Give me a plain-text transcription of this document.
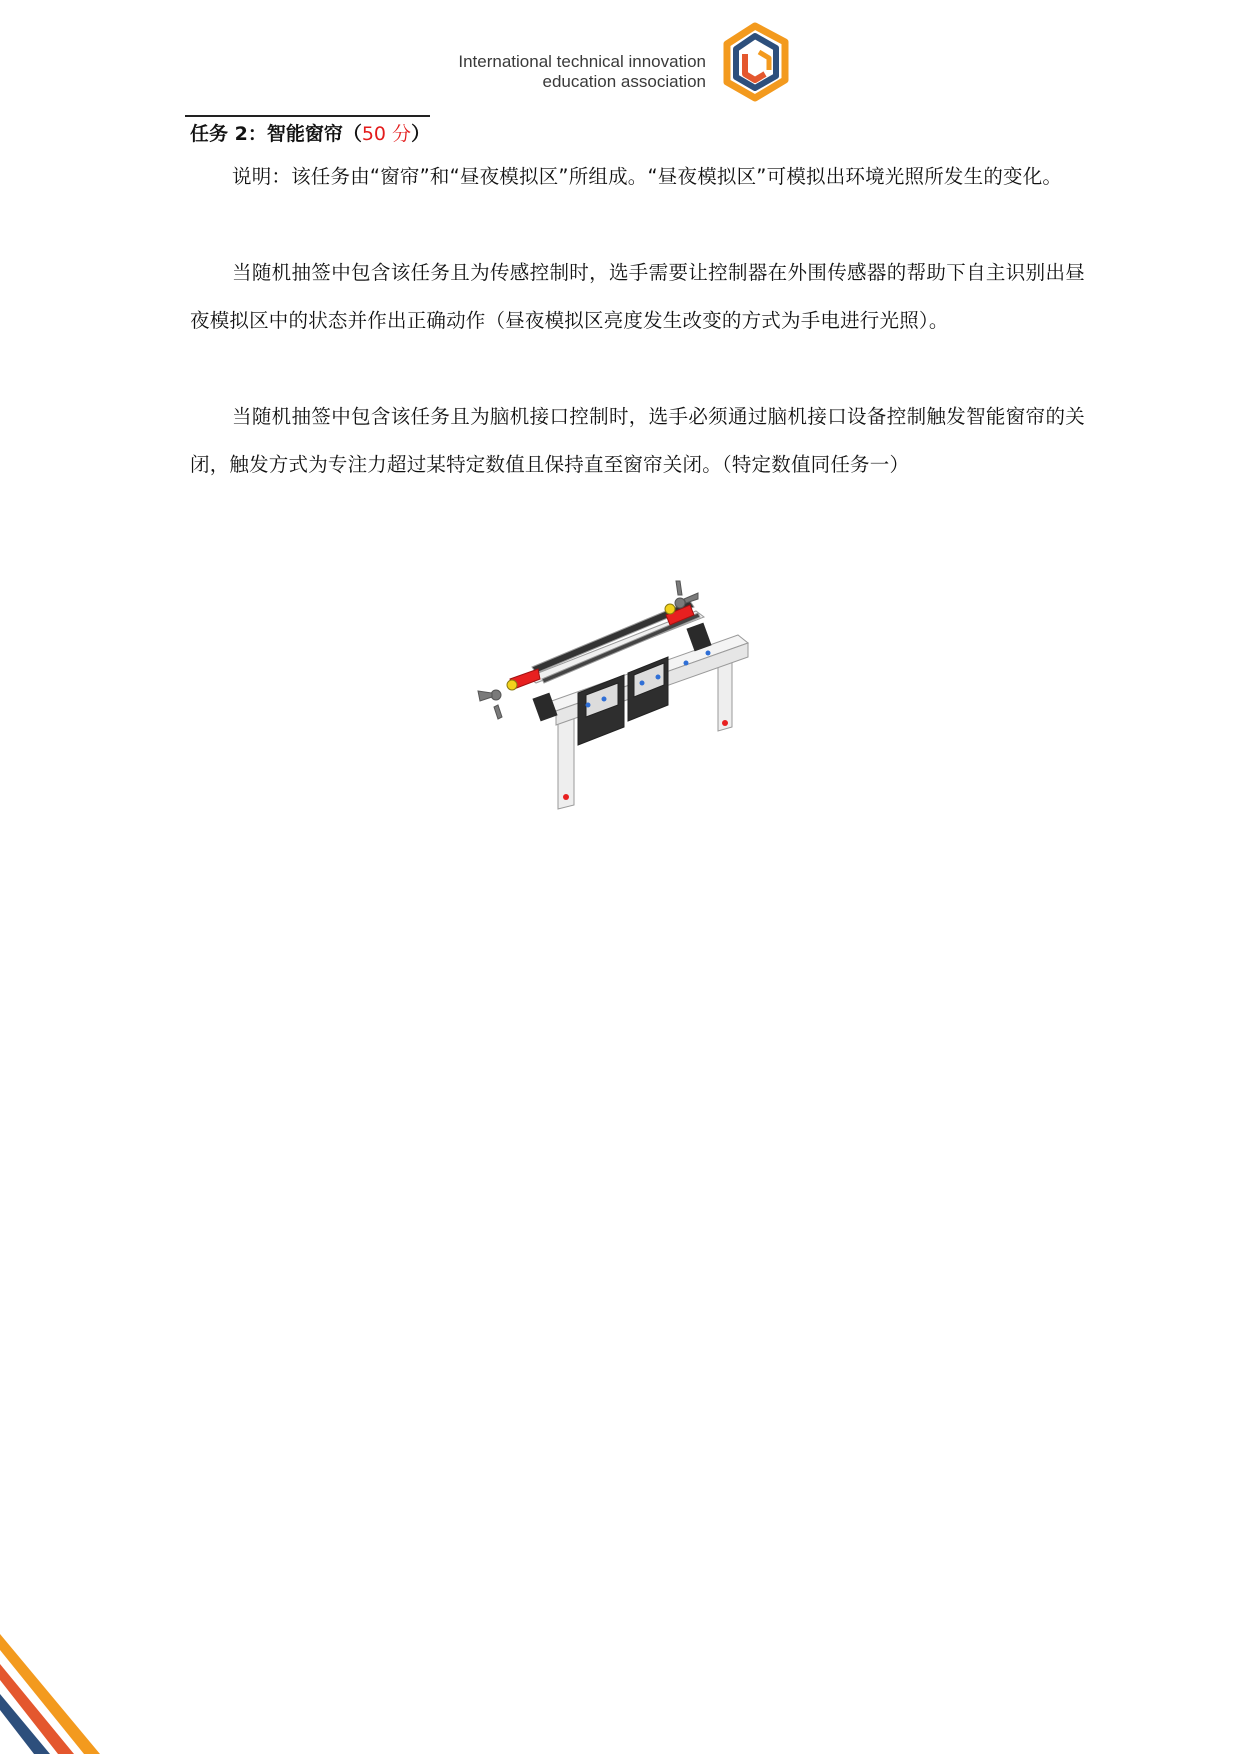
International technical innovation
education association
任务 2：智能窗帘（50 分）

说明：该任务由“窗帘”和“昼夜模拟区”所组成。“昼夜模拟区”可模拟出环境光照所发生的变化。

当随机抽签中包含该任务且为传感控制时，选手需要让控制器在外围传感器的帮助下自主识别出昼夜模拟区中的状态并作出正确动作（昼夜模拟区亮度发生改变的方式为手电进行光照）。

当随机抽签中包含该任务且为脑机接口控制时，选手必须通过脑机接口设备控制触发智能窗帘的关闭，触发方式为专注力超过某特定数值且保持直至窗帘关闭。（特定数值同任务一）
